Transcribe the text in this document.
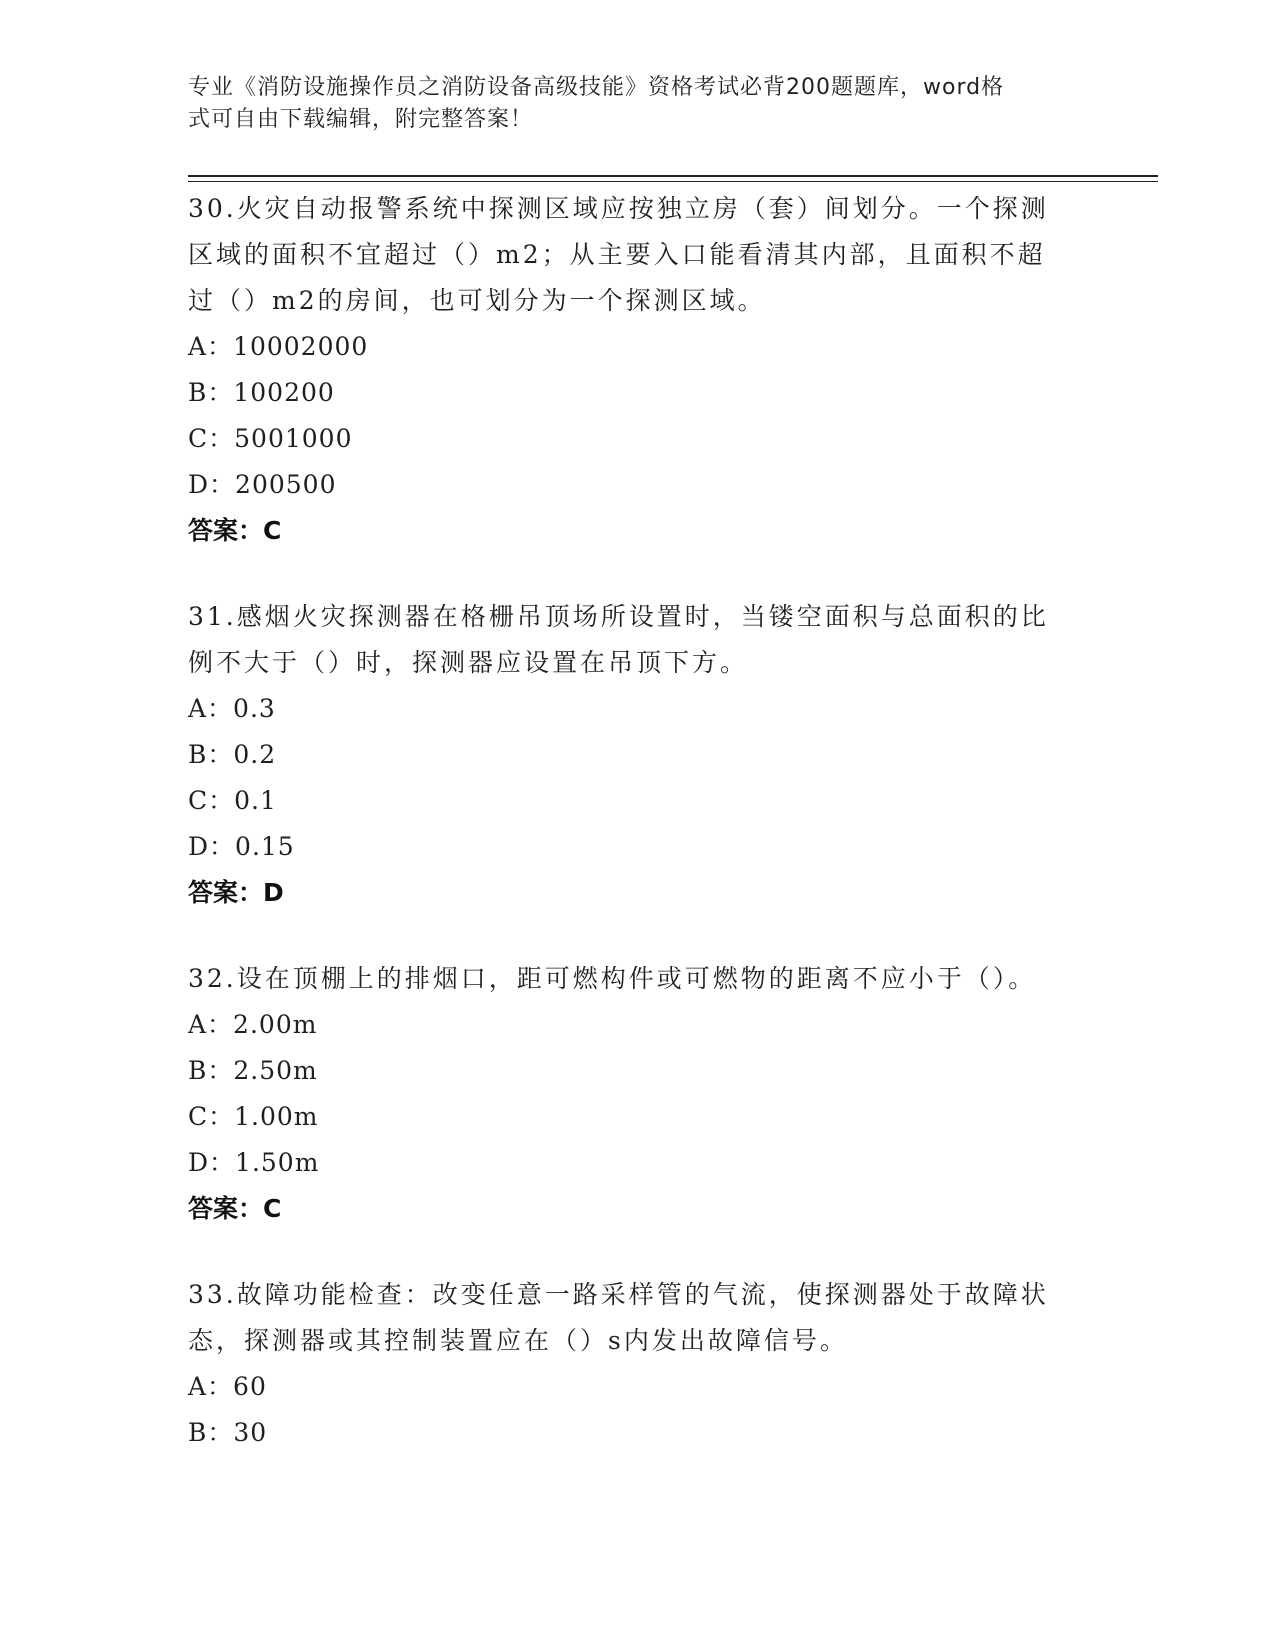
专业《消防设施操作员之消防设备高级技能》资格考试必背200题题库，word格
式可自由下载编辑，附完整答案！
30.火灾自动报警系统中探测区域应按独立房（套）间划分。一个探测
区域的面积不宜超过（）m2；从主要入口能看清其内部，且面积不超
过（）m2的房间，也可划分为一个探测区域。
A：10002000
B：100200
C：5001000
D：200500
答案：C
31.感烟火灾探测器在格栅吊顶场所设置时，当镂空面积与总面积的比
例不大于（）时，探测器应设置在吊顶下方。
A：0.3
B：0.2
C：0.1
D：0.15
答案：D
32.设在顶棚上的排烟口，距可燃构件或可燃物的距离不应小于（）。
A：2.00m
B：2.50m
C：1.00m
D：1.50m
答案：C
33.故障功能检查：改变任意一路采样管的气流，使探测器处于故障状
态，探测器或其控制装置应在（）s内发出故障信号。
A：60
B：30
